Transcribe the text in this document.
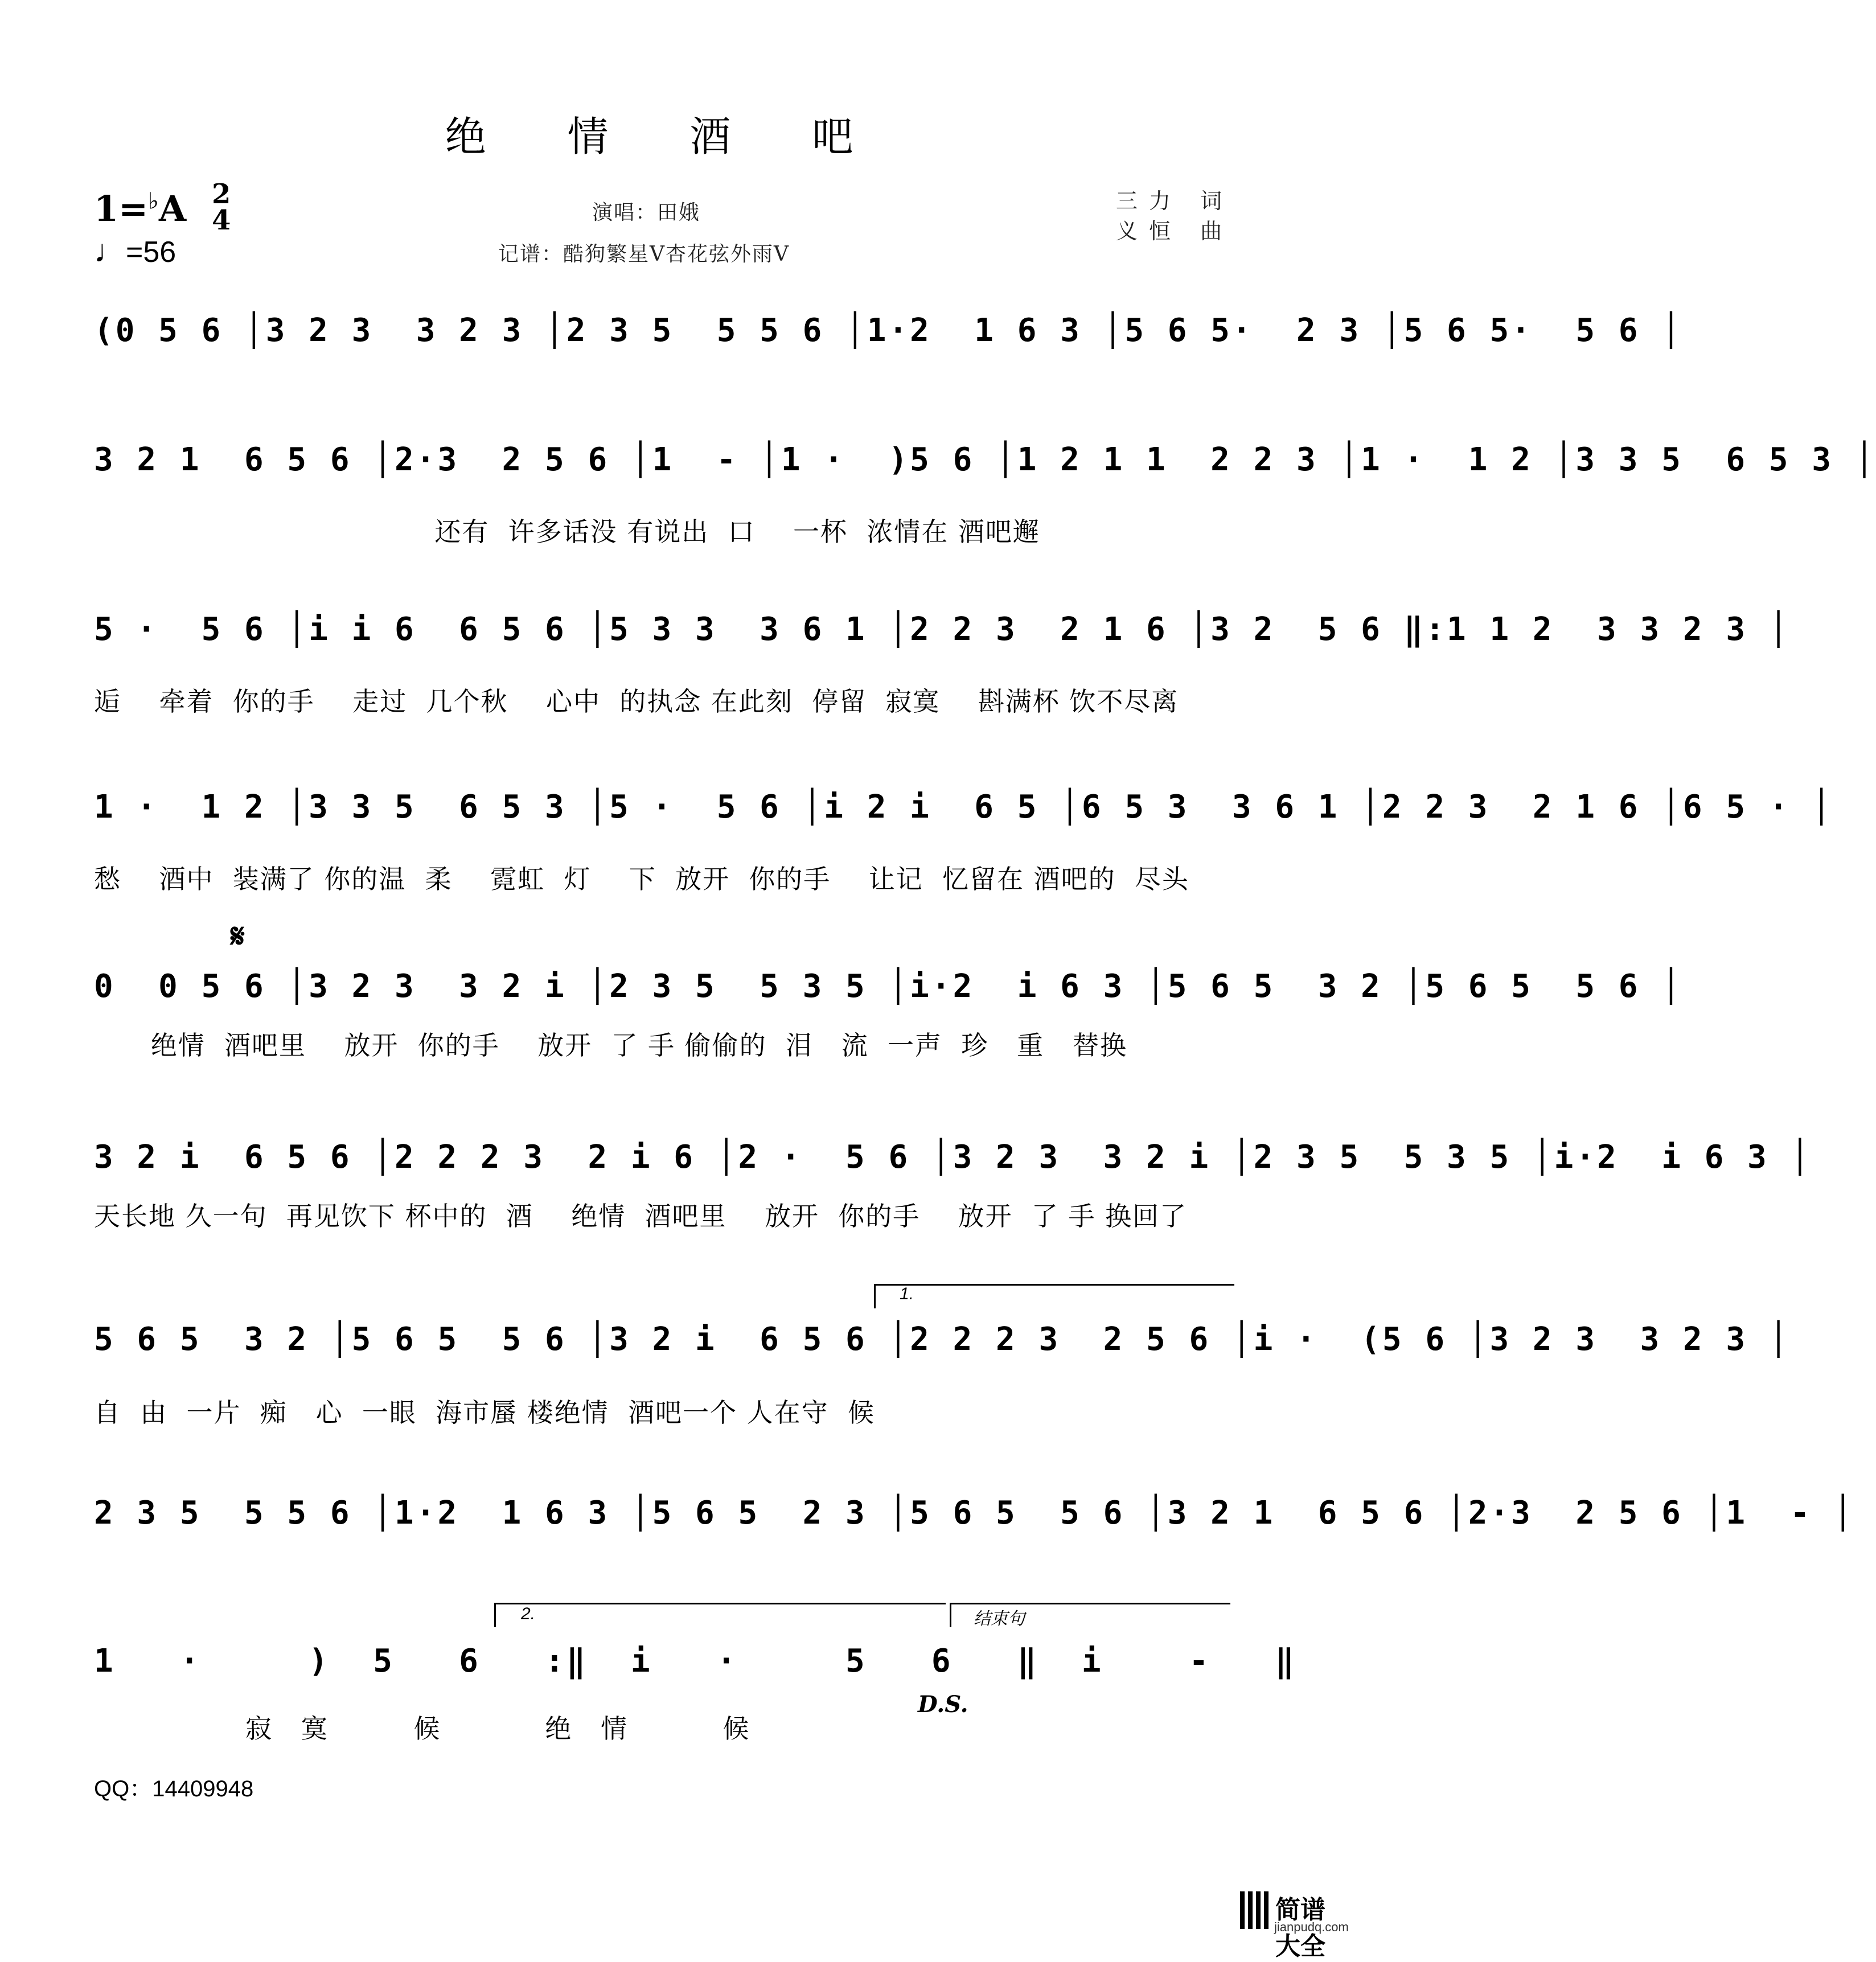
绝 情 酒 吧
1=♭A 2
4
♩=56
演唱：田娥
记谱：酷狗繁星V杏花弦外雨V
三力 词
义恒 曲
(0 5 6 │3 2 3  3 2 3 │2 3 5  5 5 6 │1·2  1 6 3 │5 6 5·  2 3 │5 6 5·  5 6 │
3 2 1  6 5 6 │2·3  2 5 6 │1  - │1 ·  )5 6 │1 2 1 1  2 2 3 │1 ·  1 2 │3 3 5  6 5 3 │
还有  许多话没 有说出  口    一杯  浓情在 酒吧邂
5 ·  5 6 │i i 6  6 5 6 │5 3 3  3 6 1 │2 2 3  2 1 6 │3 2  5 6 ‖:1 1 2  3 3 2 3 │
逅    牵着  你的手    走过  几个秋    心中  的执念 在此刻  停留  寂寞    斟满杯 饮不尽离
1 ·  1 2 │3 3 5  6 5 3 │5 ·  5 6 │i 2 i  6 5 │6 5 3  3 6 1 │2 2 3  2 1 6 │6 5 · │
愁    酒中  装满了 你的温  柔    霓虹  灯    下  放开  你的手    让记  忆留在 酒吧的  尽头
𝄋
0  0 5 6 │3 2 3  3 2 i │2 3 5  5 3 5 │i·2  i 6 3 │5 6 5  3 2 │5 6 5  5 6 │
绝情  酒吧里    放开  你的手    放开  了 手 偷偷的  泪   流  一声  珍   重   替换
3 2 i  6 5 6 │2 2 2 3  2 i 6 │2 ·  5 6 │3 2 3  3 2 i │2 3 5  5 3 5 │i·2  i 6 3 │
天长地 久一句  再见饮下 杯中的  酒    绝情  酒吧里    放开  你的手    放开  了 手 换回了
1.
5 6 5  3 2 │5 6 5  5 6 │3 2 i  6 5 6 │2 2 2 3  2 5 6 │i ·  (5 6 │3 2 3  3 2 3 │
自  由  一片  痴   心  一眼  海市蜃 楼绝情  酒吧一个 人在守  候
2 3 5  5 5 6 │1·2  1 6 3 │5 6 5  2 3 │5 6 5  5 6 │3 2 1  6 5 6 │2·3  2 5 6 │1  - │
2.	结束句
1   ·     )  5   6   :‖  i   ·     5   6   ‖  i    -   ‖
寂   寞         候           绝   情          候
D.S.
QQ：14409948
简谱大全
jianpudq.com
